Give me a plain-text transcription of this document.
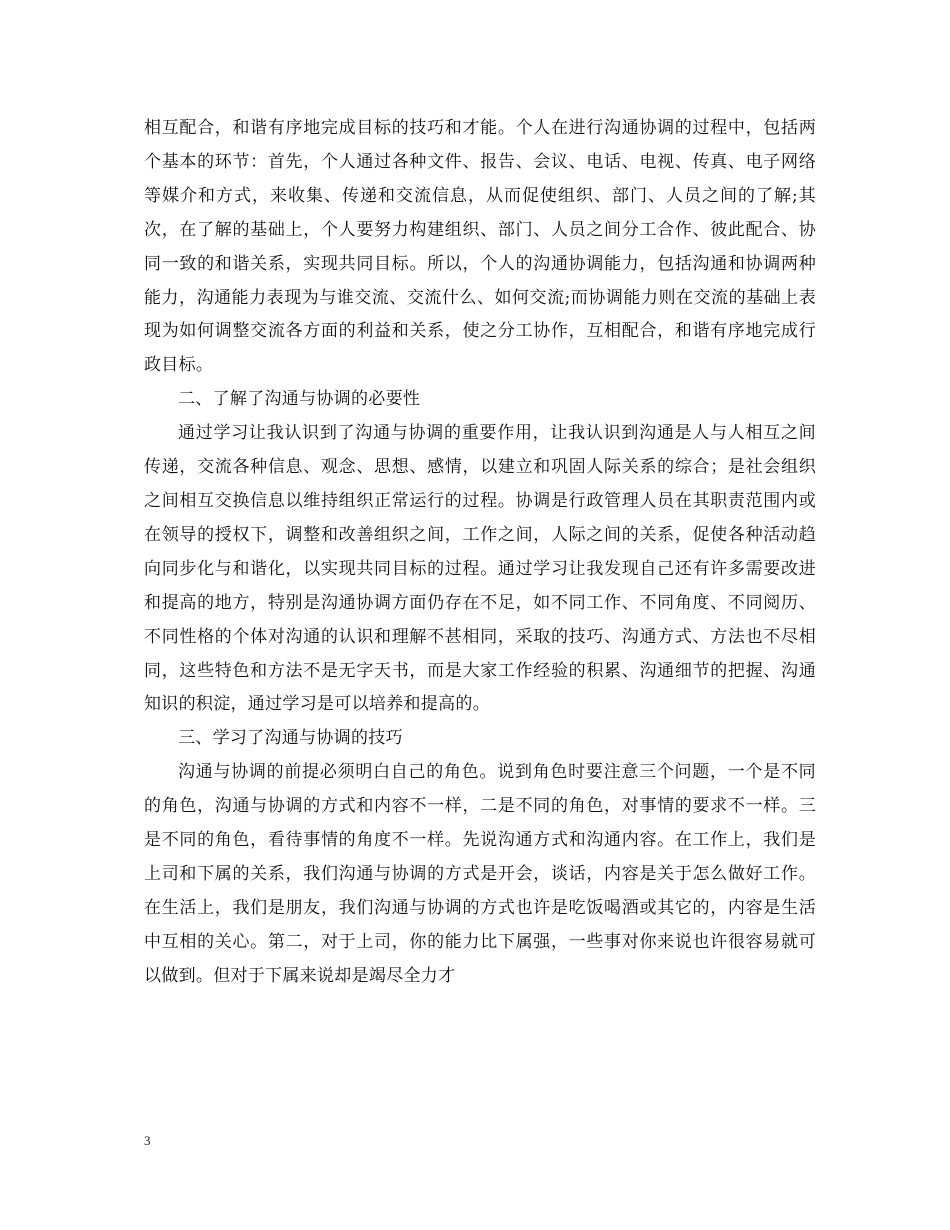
相互配合，和谐有序地完成目标的技巧和才能。个人在进行沟通协调的过程中，包括两个基本的环节：首先，个人通过各种文件、报告、会议、电话、电视、传真、电子网络等媒介和方式，来收集、传递和交流信息，从而促使组织、部门、人员之间的了解;其次，在了解的基础上，个人要努力构建组织、部门、人员之间分工合作、彼此配合、协同一致的和谐关系，实现共同目标。所以，个人的沟通协调能力，包括沟通和协调两种能力，沟通能力表现为与谁交流、交流什么、如何交流;而协调能力则在交流的基础上表现为如何调整交流各方面的利益和关系，使之分工协作，互相配合，和谐有序地完成行政目标。

二、了解了沟通与协调的必要性

通过学习让我认识到了沟通与协调的重要作用，让我认识到沟通是人与人相互之间传递，交流各种信息、观念、思想、感情，以建立和巩固人际关系的综合；是社会组织之间相互交换信息以维持组织正常运行的过程。协调是行政管理人员在其职责范围内或在领导的授权下，调整和改善组织之间，工作之间，人际之间的关系，促使各种活动趋向同步化与和谐化，以实现共同目标的过程。通过学习让我发现自己还有许多需要改进和提高的地方，特别是沟通协调方面仍存在不足，如不同工作、不同角度、不同阅历、不同性格的个体对沟通的认识和理解不甚相同，采取的技巧、沟通方式、方法也不尽相同，这些特色和方法不是无字天书，而是大家工作经验的积累、沟通细节的把握、沟通知识的积淀，通过学习是可以培养和提高的。

三、学习了沟通与协调的技巧

沟通与协调的前提必须明白自己的角色。说到角色时要注意三个问题，一个是不同的角色，沟通与协调的方式和内容不一样，二是不同的角色，对事情的要求不一样。三是不同的角色，看待事情的角度不一样。先说沟通方式和沟通内容。在工作上，我们是上司和下属的关系，我们沟通与协调的方式是开会，谈话，内容是关于怎么做好工作。在生活上，我们是朋友，我们沟通与协调的方式也许是吃饭喝酒或其它的，内容是生活中互相的关心。第二，对于上司，你的能力比下属强，一些事对你来说也许很容易就可以做到。但对于下属来说却是竭尽全力才

3
